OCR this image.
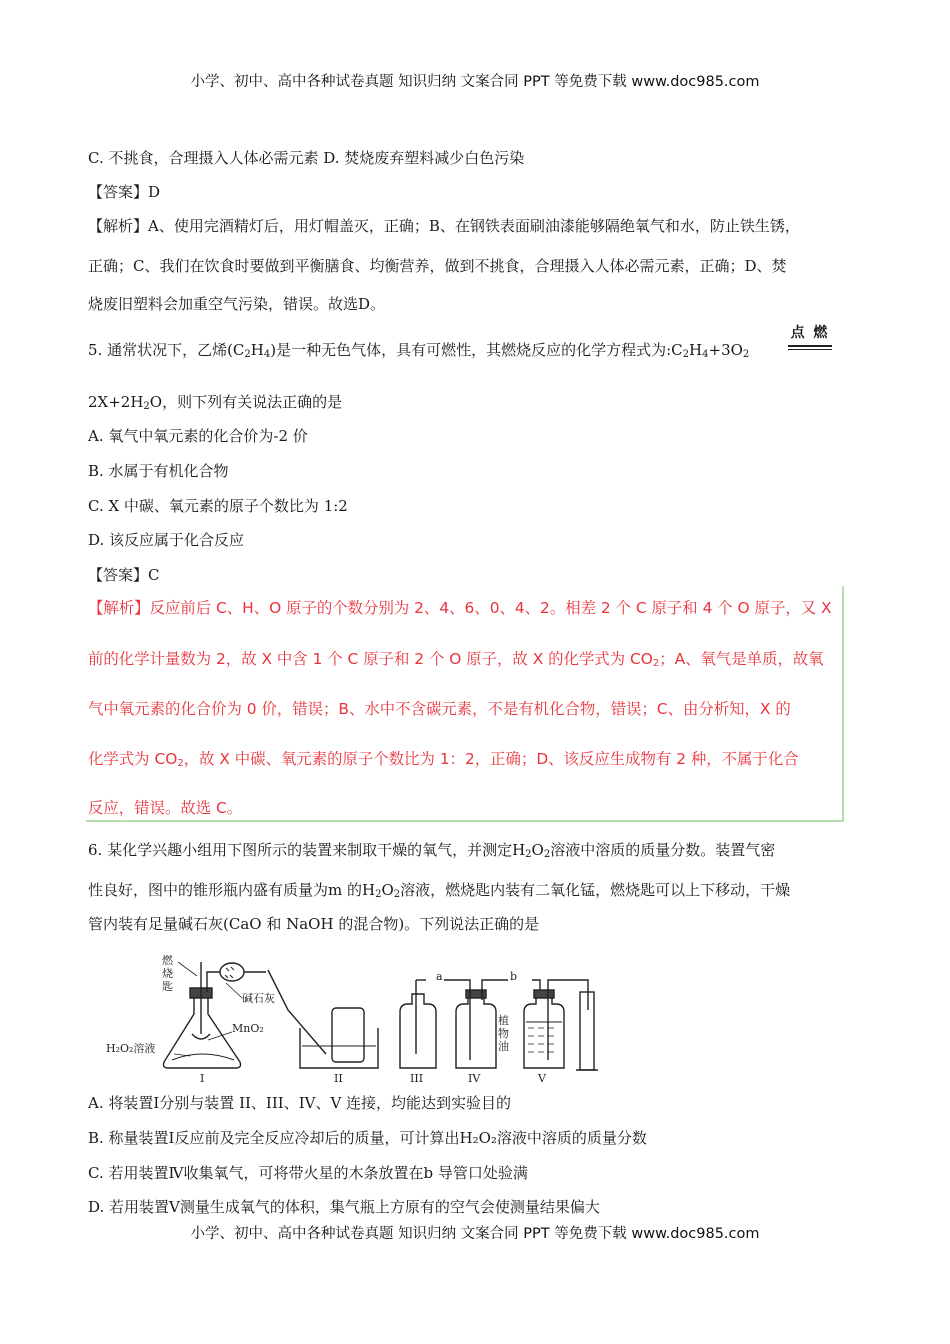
小学、初中、高中各种试卷真题 知识归纳 文案合同 PPT 等免费下载 www.doc985.com
C. 不挑食，合理摄入人体必需元素 D. 焚烧废弃塑料减少白色污染
【答案】D
【解析】A、使用完酒精灯后，用灯帽盖灭，正确；B、在钢铁表面刷油漆能够隔绝氧气和水，防止铁生锈，
正确；C、我们在饮食时要做到平衡膳食、均衡营养，做到不挑食，合理摄入人体必需元素，正确；D、焚
烧废旧塑料会加重空气污染，错误。故选D。
5. 通常状况下，乙烯$(C_2H_4)$是一种无色气体，具有可燃性，其燃烧反应的化学方程式为$:C_2H_4+3O_2$
点 燃
$2X+2H_2O$，则下列有关说法正确的是
A. 氧气中氧元素的化合价为-2 价
B. 水属于有机化合物
C. X 中碳、氧元素的原子个数比为 1:2
D. 该反应属于化合反应
【答案】C
【解析】反应前后 C、H、O 原子的个数分别为 2、4、6、0、4、2。相差 2 个 C 原子和 4 个 O 原子，又 X
前的化学计量数为 2，故 X 中含 1 个 C 原子和 2 个 O 原子，故 X 的化学式为 $CO_2$；A、氧气是单质，故氧
气中氧元素的化合价为 0 价，错误；B、水中不含碳元素，不是有机化合物，错误；C、由分析知，X 的
化学式为 $CO_2$，故 X 中碳、氧元素的原子个数比为 1：2，正确；D、该反应生成物有 2 种，不属于化合
反应，错误。故选 C。
6. 某化学兴趣小组用下图所示的装置来制取干燥的氧气，并测定$H_2O_2$溶液中溶质的质量分数。装置气密
性良好，图中的锥形瓶内盛有质量为m 的$H_2O_2$溶液，燃烧匙内装有二氧化锰，燃烧匙可以上下移动，干燥
管内装有足量碱石灰(CaO 和 NaOH 的混合物)。下列说法正确的是
燃
烧
匙
碱石灰
MnO₂
H₂O₂溶液
植
物
油
a	b
I	II	III	IV	V
A. 将装置Ⅰ分别与装置 II、III、IV、V 连接，均能达到实验目的
B. 称量装置Ⅰ反应前及完全反应冷却后的质量，可计算出H₂O₂溶液中溶质的质量分数
C. 若用装置Ⅳ收集氧气，可将带火星的木条放置在b 导管口处验满
D. 若用装置Ⅴ测量生成氧气的体积，集气瓶上方原有的空气会使测量结果偏大
小学、初中、高中各种试卷真题 知识归纳 文案合同 PPT 等免费下载 www.doc985.com
